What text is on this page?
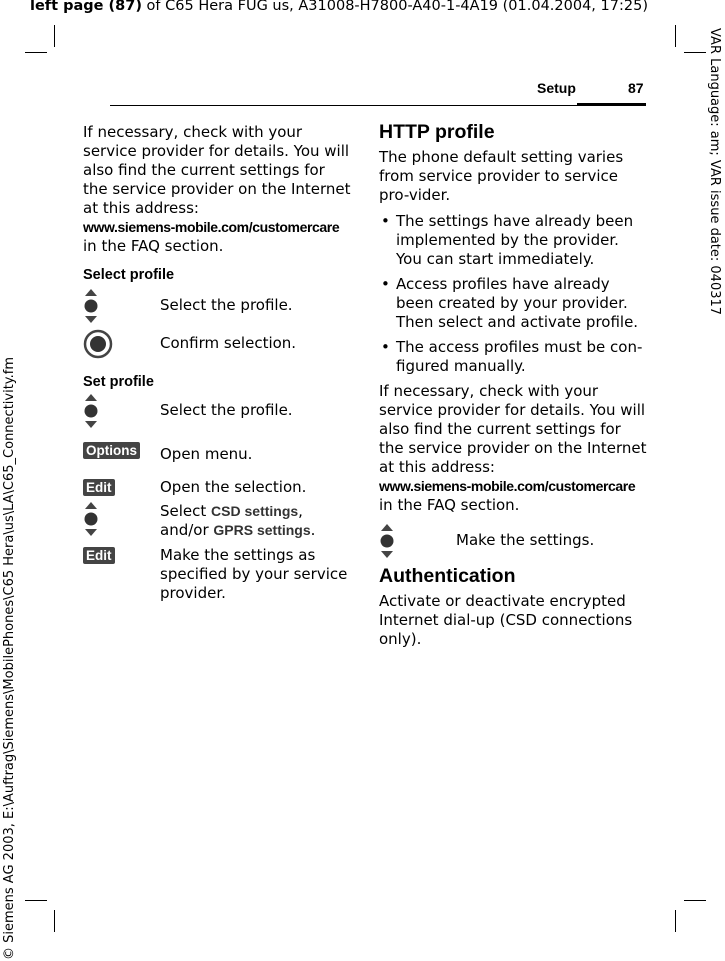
left page (87) of C65 Hera FUG us, A31008-H7800-A40-1-4A19 (01.04.2004, 17:25)
VAR Language: am; VAR issue date: 040317
© Siemens AG 2003, E:\Auftrag\Siemens\MobilePhones\C65 Hera\us\LA\C65_Connectivity.fm
Setup	87

If necessary, check with your service provider for details. You will also find the current settings for the service provider on the Internet at this address:

www.siemens-mobile.com/customercare

in the FAQ section.

Select profile
Select the profile.
Confirm selection.
Set profile
Select the profile.
Options	Open menu.
Edit	Open the selection.
Select CSD settings, and/or GPRS settings.
Edit	Make the settings as specified by your service provider.
HTTP profile

The phone default setting varies from service provider to service pro-vider.

• The settings have already been implemented by the provider. You can start immediately.
• Access profiles have already been created by your provider. Then select and activate profile.
• The access profiles must be con-figured manually.

If necessary, check with your service provider for details. You will also find the current settings for the service provider on the Internet at this address:

www.siemens-mobile.com/customercare

in the FAQ section.

Make the settings.
Authentication

Activate or deactivate encrypted Internet dial-up (CSD connections only).
